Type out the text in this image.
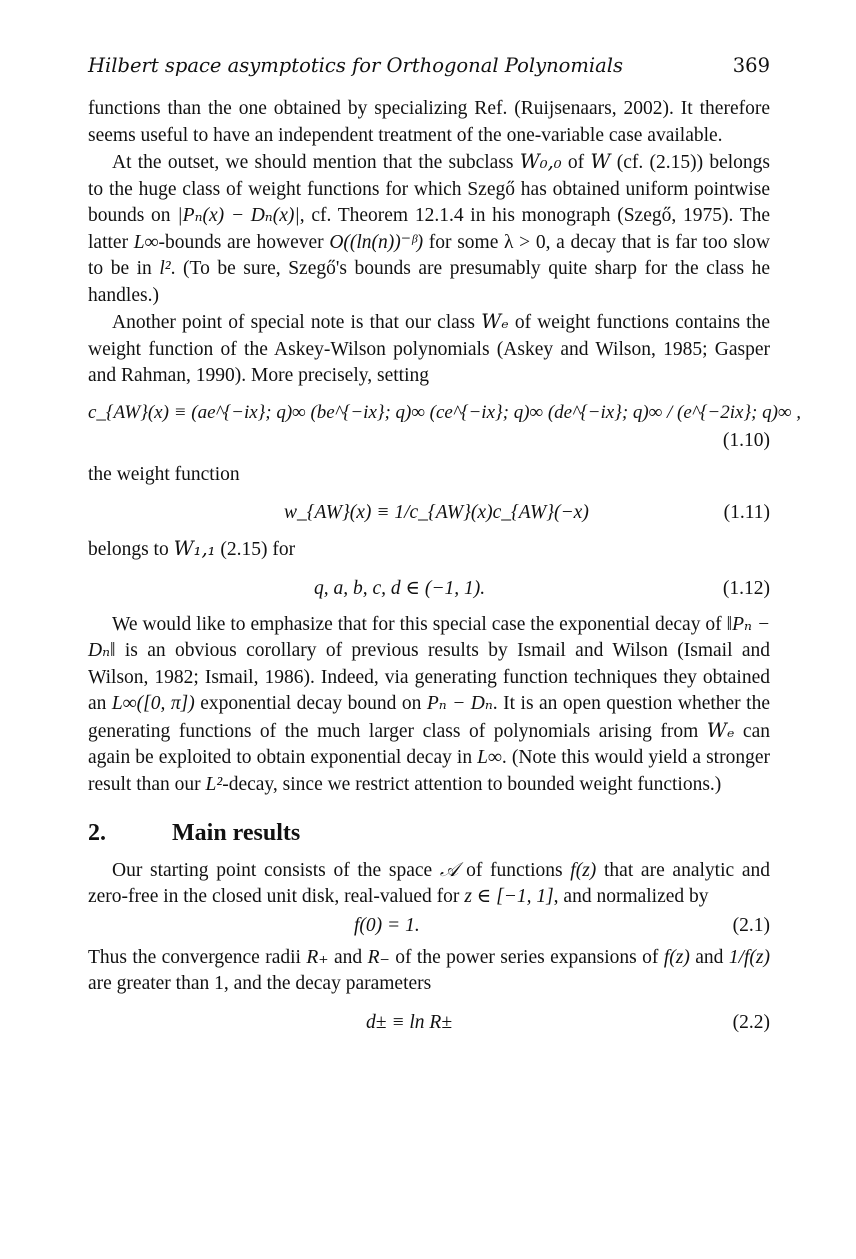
Hilbert space asymptotics for Orthogonal Polynomials	369

functions than the one obtained by specializing Ref. (Ruijsenaars, 2002). It therefore seems useful to have an independent treatment of the one-variable case available.

At the outset, we should mention that the subclass W₀,₀ of W (cf. (2.15)) belongs to the huge class of weight functions for which Szegő has obtained uniform pointwise bounds on |Pₙ(x) − Dₙ(x)|, cf. Theorem 12.1.4 in his monograph (Szegő, 1975). The latter L∞-bounds are however O((ln(n))⁻ᵝ) for some λ > 0, a decay that is far too slow to be in l². (To be sure, Szegő's bounds are presumably quite sharp for the class he handles.)

Another point of special note is that our class Wₑ of weight functions contains the weight function of the Askey-Wilson polynomials (Askey and Wilson, 1985; Gasper and Rahman, 1990). More precisely, setting

c_{AW}(x) ≡ (ae^{−ix}; q)∞ (be^{−ix}; q)∞ (ce^{−ix}; q)∞ (de^{−ix}; q)∞ / (e^{−2ix}; q)∞ ,
(1.10)

the weight function

w_{AW}(x) ≡ 1/c_{AW}(x)c_{AW}(−x)	(1.11)

belongs to W₁,₁ (2.15) for

q, a, b, c, d ∈ (−1, 1).	(1.12)

We would like to emphasize that for this special case the exponential decay of ‖Pₙ − Dₙ‖ is an obvious corollary of previous results by Ismail and Wilson (Ismail and Wilson, 1982; Ismail, 1986). Indeed, via generating function techniques they obtained an L∞([0, π]) exponential decay bound on Pₙ − Dₙ. It is an open question whether the generating functions of the much larger class of polynomials arising from Wₑ can again be exploited to obtain exponential decay in L∞. (Note this would yield a stronger result than our L²-decay, since we restrict attention to bounded weight functions.)

2.	Main results

Our starting point consists of the space 𝒜 of functions f(z) that are analytic and zero-free in the closed unit disk, real-valued for z ∈ [−1, 1], and normalized by

f(0) = 1.	(2.1)

Thus the convergence radii R₊ and R₋ of the power series expansions of f(z) and 1/f(z) are greater than 1, and the decay parameters

d± ≡ ln R±	(2.2)
